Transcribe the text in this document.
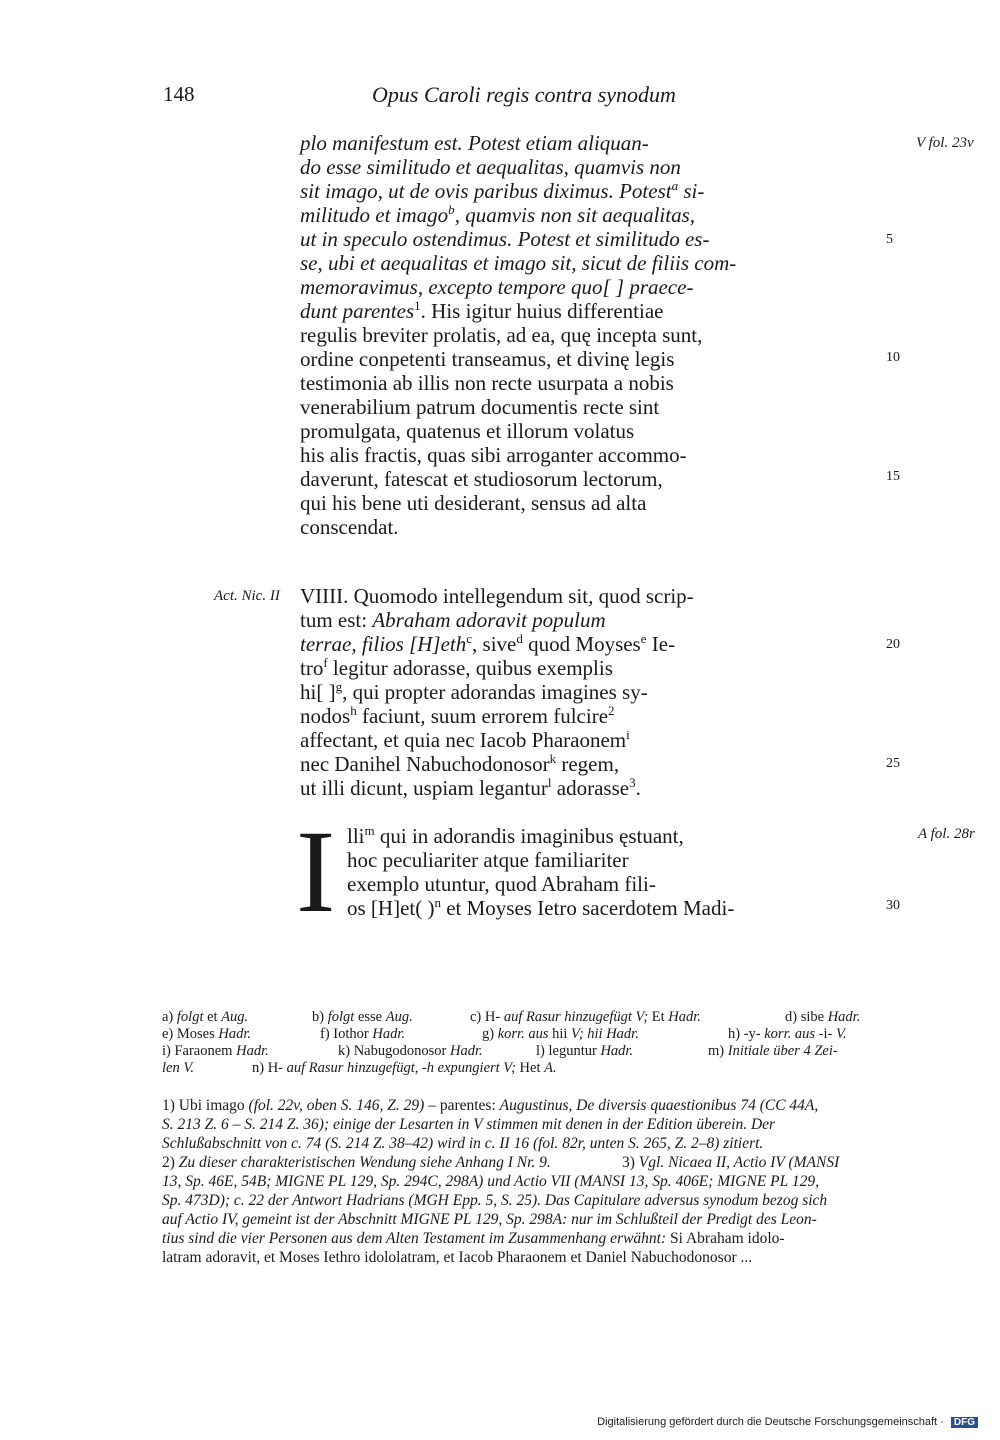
148	Opus Caroli regis contra synodum
V fol. 23v
A fol. 28r
Act. Nic. II
5
10
15
20
25
30
plo manifestum est. Potest etiam aliquan-
do esse similitudo et aequalitas, quamvis non
sit imago, ut de ovis paribus diximus. Potest$^a$ si-
militudo et imago$^b$, quamvis non sit aequalitas,
ut in speculo ostendimus. Potest et similitudo es-
se, ubi et aequalitas et imago sit, sicut de filiis com-
memoravimus, excepto tempore quo[ ] praece-
dunt parentes$^1$. His igitur huius differentiae
regulis breviter prolatis, ad ea, quę incepta sunt,
ordine conpetenti transeamus, et divinę legis
testimonia ab illis non recte usurpata a nobis
venerabilium patrum documentis recte sint
promulgata, quatenus et illorum volatus
his alis fractis, quas sibi arroganter accommo-
daverunt, fatescat et studiosorum lectorum,
qui his bene uti desiderant, sensus ad alta
conscendat.
VIIII. Quomodo intellegendum sit, quod scrip-
tum est: Abraham adoravit populum
terrae, filios [H]eth$^c$, sive$^d$ quod Moyses$^e$ Ie-
tro$^f$ legitur adorasse, quibus exemplis
hi[ ]$^g$, qui propter adorandas imagines sy-
nodos$^h$ faciunt, suum errorem fulcire$^2$
affectant, et quia nec Iacob Pharaonem$^i$
nec Danihel Nabuchodonosor$^k$ regem,
ut illi dicunt, uspiam legantur$^l$ adorasse$^3$.
I lli$^m$ qui in adorandis imaginibus ęstuant,
hoc peculiariter atque familiariter
exemplo utuntur, quod Abraham fili-
os [H]et( )$^n$ et Moyses Ietro sacerdotem Madi-
a) folgt et Aug.	b) folgt esse Aug.	c) H- auf Rasur hinzugefügt V; Et Hadr.	d) sibe Hadr.
e) Moses Hadr.	f) Iothor Hadr.	g) korr. aus hii V; hii Hadr.	h) -y- korr. aus -i- V.
i) Faraonem Hadr.	k) Nabugodonosor Hadr.	l) leguntur Hadr.	m) Initiale über 4 Zei-
len V.	n) H- auf Rasur hinzugefügt, -h expungiert V; Het A.
1) Ubi imago (fol. 22v, oben S. 146, Z. 29) – parentes: Augustinus, De diversis quaestionibus 74 (CC 44A,
S. 213 Z. 6 – S. 214 Z. 36); einige der Lesarten in V stimmen mit denen in der Edition überein. Der
Schlußabschnitt von c. 74 (S. 214 Z. 38–42) wird in c. II 16 (fol. 82r, unten S. 265, Z. 2–8) zitiert.
2) Zu dieser charakteristischen Wendung siehe Anhang I Nr. 9.	3) Vgl. Nicaea II, Actio IV (MANSI
13, Sp. 46E, 54B; MIGNE PL 129, Sp. 294C, 298A) und Actio VII (MANSI 13, Sp. 406E; MIGNE PL 129,
Sp. 473D); c. 22 der Antwort Hadrians (MGH Epp. 5, S. 25). Das Capitulare adversus synodum bezog sich
auf Actio IV, gemeint ist der Abschnitt MIGNE PL 129, Sp. 298A: nur im Schlußteil der Predigt des Leon-
tius sind die vier Personen aus dem Alten Testament im Zusammenhang erwähnt: Si Abraham idolo-
latram adoravit, et Moses Iethro idololatram, et Iacob Pharaonem et Daniel Nabuchodonosor ...
Digitalisierung gefördert durch die Deutsche Forschungsgemeinschaft · DFG
